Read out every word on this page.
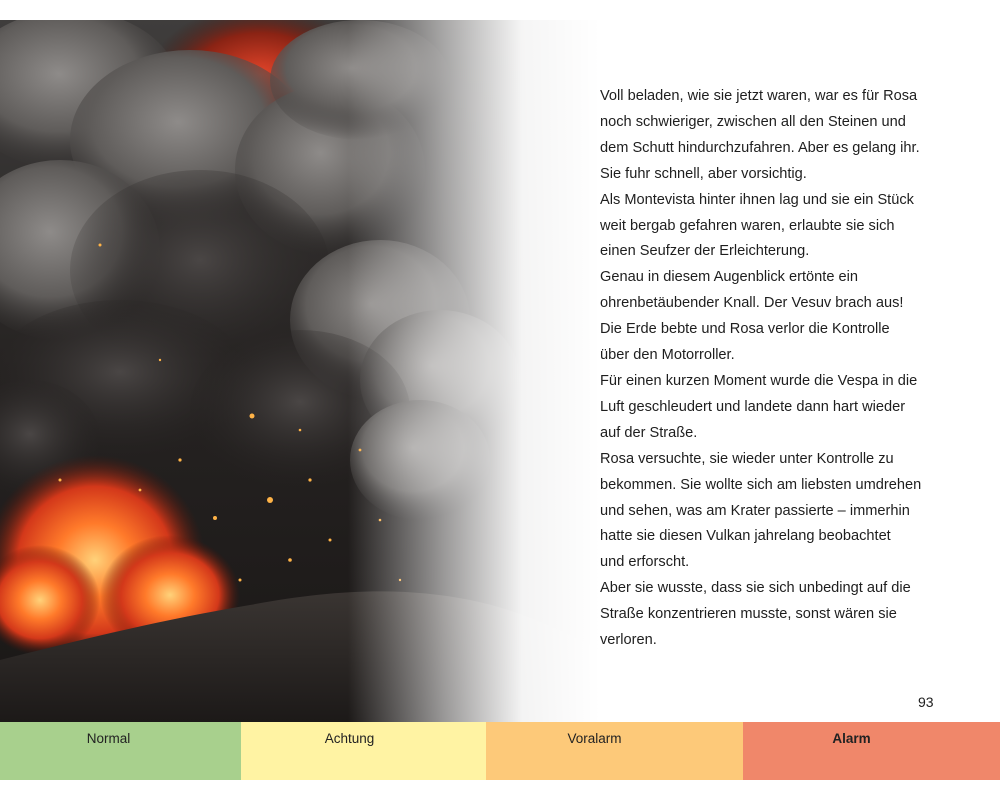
Voll beladen, wie sie jetzt waren, war es für Rosa
noch schwieriger, zwischen all den Steinen und
dem Schutt hindurchzufahren. Aber es gelang ihr.
Sie fuhr schnell, aber vorsichtig.
Als Montevista hinter ihnen lag und sie ein Stück
weit bergab gefahren waren, erlaubte sie sich
einen Seufzer der Erleichterung.
Genau in diesem Augenblick ertönte ein
ohrenbetäubender Knall. Der Vesuv brach aus!
Die Erde bebte und Rosa verlor die Kontrolle
über den Motorroller.
Für einen kurzen Moment wurde die Vespa in die
Luft geschleudert und landete dann hart wieder
auf der Straße.
Rosa versuchte, sie wieder unter Kontrolle zu
bekommen. Sie wollte sich am liebsten umdrehen
und sehen, was am Krater passierte – immerhin
hatte sie diesen Vulkan jahrelang beobachtet
und erforscht.
Aber sie wusste, dass sie sich unbedingt auf die
Straße konzentrieren musste, sonst wären sie
verloren.
93
Normal	Achtung	Voralarm	Alarm
